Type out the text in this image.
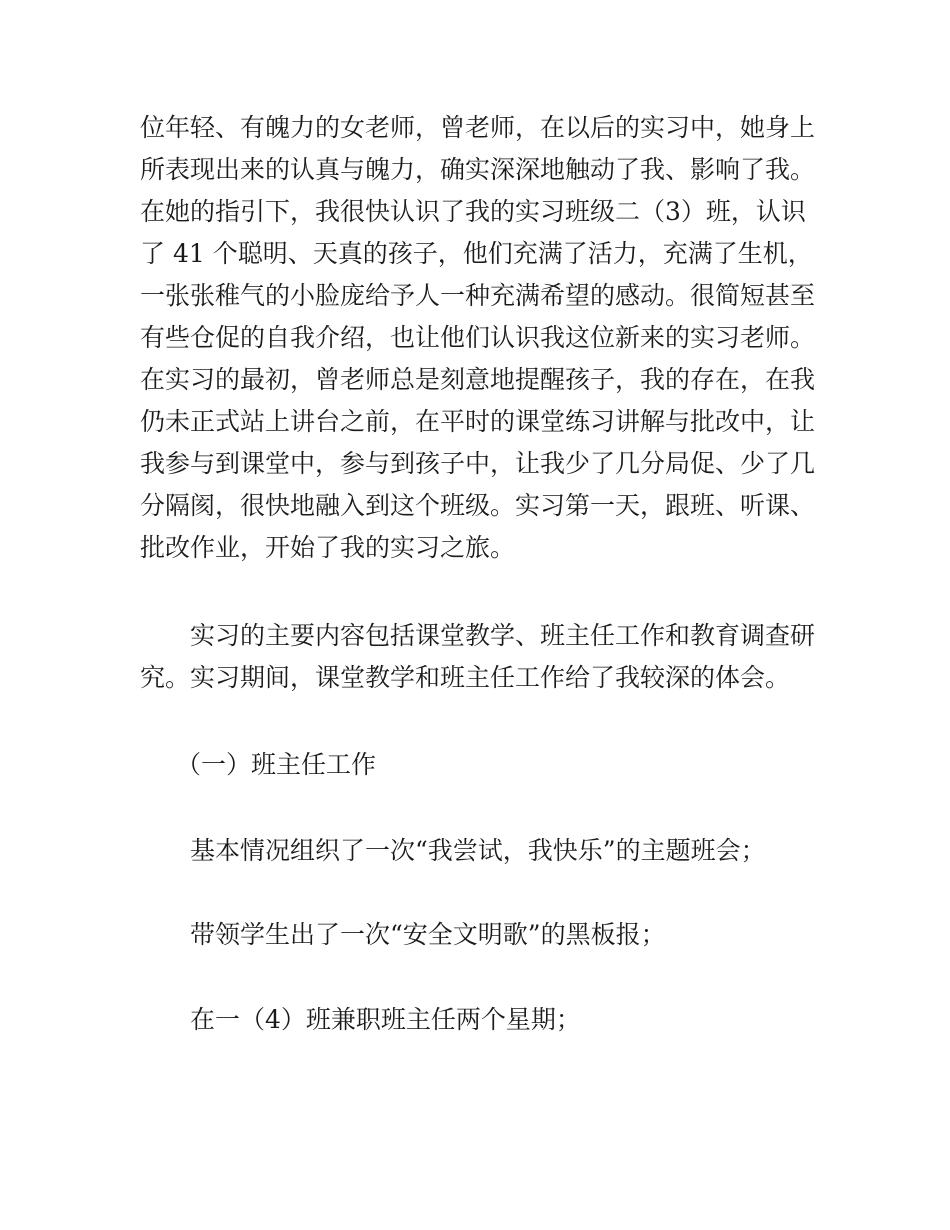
位年轻、有魄力的女老师，曾老师，在以后的实习中，她身上
所表现出来的认真与魄力，确实深深地触动了我、影响了我。
在她的指引下，我很快认识了我的实习班级二（3）班，认识
了 41 个聪明、天真的孩子，他们充满了活力，充满了生机，
一张张稚气的小脸庞给予人一种充满希望的感动。很简短甚至
有些仓促的自我介绍，也让他们认识我这位新来的实习老师。
在实习的最初，曾老师总是刻意地提醒孩子，我的存在，在我
仍未正式站上讲台之前，在平时的课堂练习讲解与批改中，让
我参与到课堂中，参与到孩子中，让我少了几分局促、少了几
分隔阂，很快地融入到这个班级。实习第一天，跟班、听课、
批改作业，开始了我的实习之旅。
实习的主要内容包括课堂教学、班主任工作和教育调查研
究。实习期间，课堂教学和班主任工作给了我较深的体会。
（一）班主任工作
基本情况组织了一次“我尝试，我快乐”的主题班会；
带领学生出了一次“安全文明歌”的黑板报；
在一（4）班兼职班主任两个星期；
